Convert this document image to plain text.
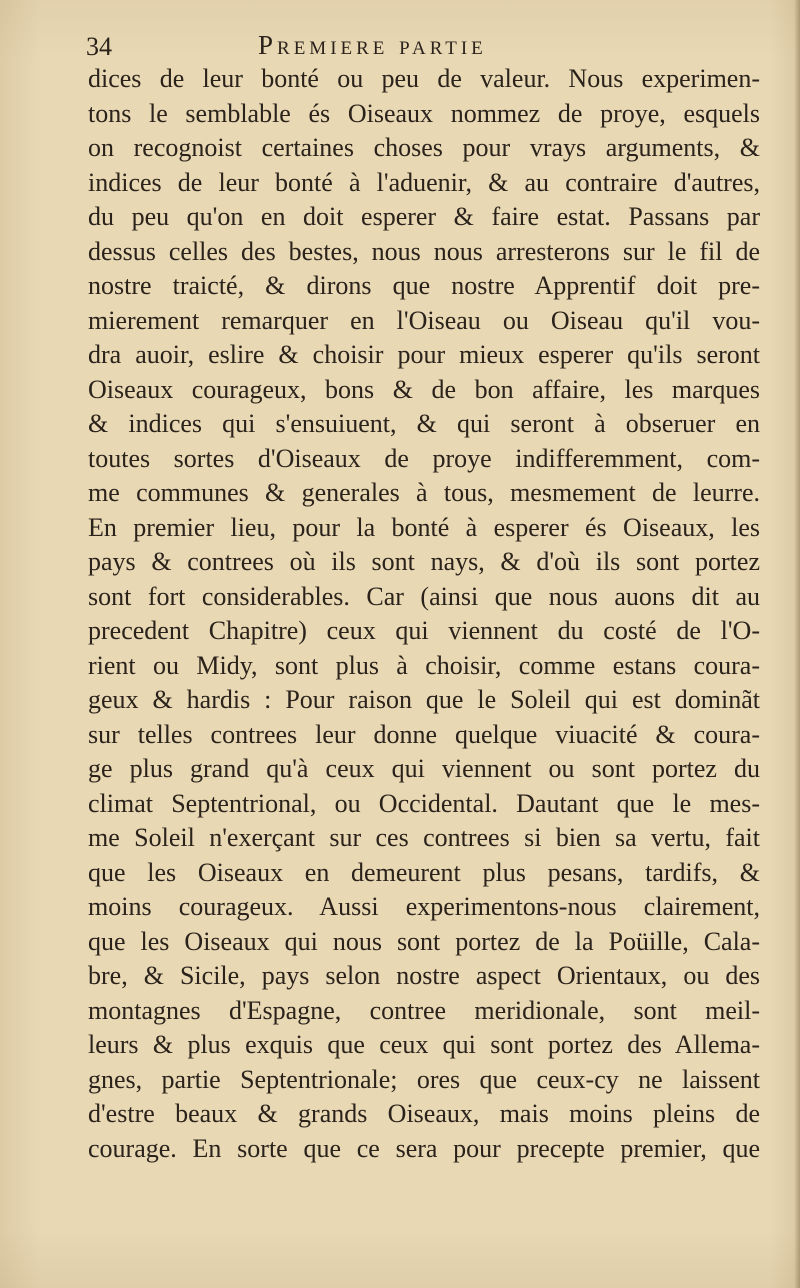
34	Premiere partie
dices de leur bonté ou peu de valeur. Nous experimen-
tons le semblable és Oiseaux nommez de proye, esquels
on recognoist certaines choses pour vrays arguments, &
indices de leur bonté à l'aduenir, & au contraire d'autres,
du peu qu'on en doit esperer & faire estat. Passans par
dessus celles des bestes, nous nous arresterons sur le fil de
nostre traicté, & dirons que nostre Apprentif doit pre-
mierement remarquer en l'Oiseau ou Oiseau qu'il vou-
dra auoir, eslire & choisir pour mieux esperer qu'ils seront
Oiseaux courageux, bons & de bon affaire, les marques
& indices qui s'ensuiuent, & qui seront à obseruer en
toutes sortes d'Oiseaux de proye indifferemment, com-
me communes & generales à tous, mesmement de leurre.
En premier lieu, pour la bonté à esperer és Oiseaux, les
pays & contrees où ils sont nays, & d'où ils sont portez
sont fort considerables. Car (ainsi que nous auons dit au
precedent Chapitre) ceux qui viennent du costé de l'O-
rient ou Midy, sont plus à choisir, comme estans coura-
geux & hardis : Pour raison que le Soleil qui est dominãt
sur telles contrees leur donne quelque viuacité & coura-
ge plus grand qu'à ceux qui viennent ou sont portez du
climat Septentrional, ou Occidental. Dautant que le mes-
me Soleil n'exerçant sur ces contrees si bien sa vertu, fait
que les Oiseaux en demeurent plus pesans, tardifs, &
moins courageux. Aussi experimentons-nous clairement,
que les Oiseaux qui nous sont portez de la Poüille, Cala-
bre, & Sicile, pays selon nostre aspect Orientaux, ou des
montagnes d'Espagne, contree meridionale, sont meil-
leurs & plus exquis que ceux qui sont portez des Allema-
gnes, partie Septentrionale; ores que ceux-cy ne laissent
d'estre beaux & grands Oiseaux, mais moins pleins de
courage. En sorte que ce sera pour precepte premier, que
